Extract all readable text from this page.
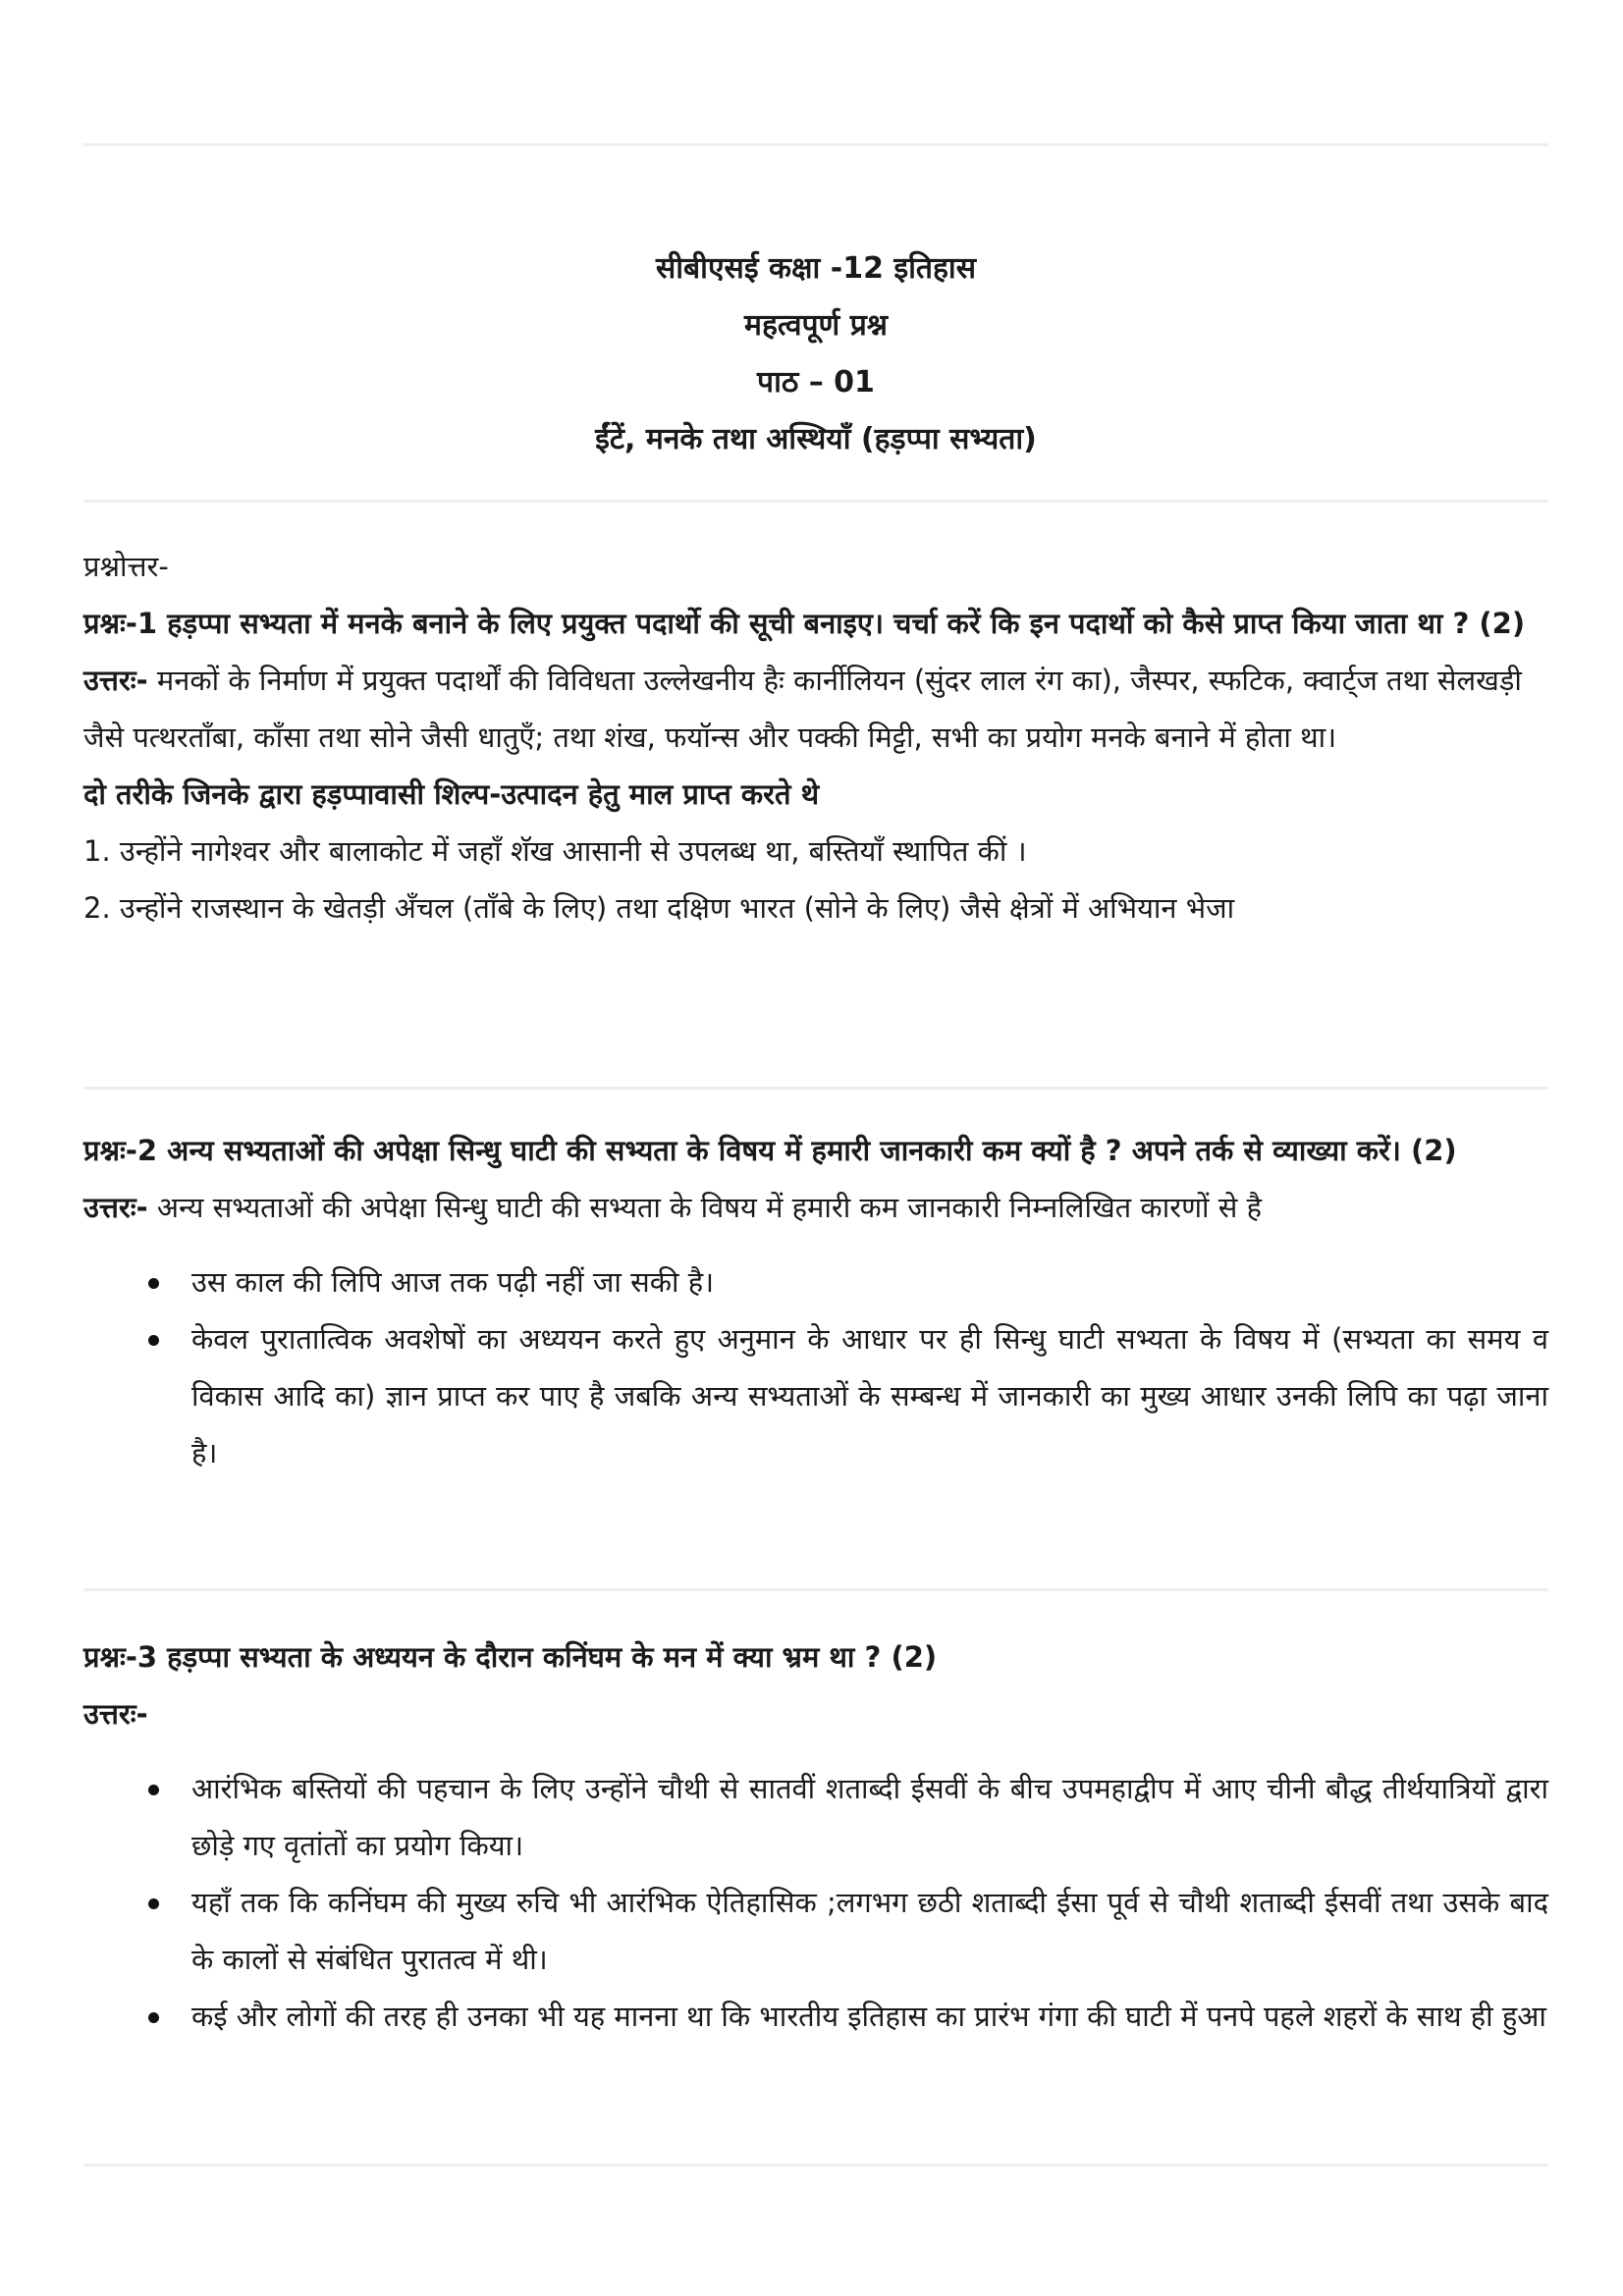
सीबीएसई कक्षा -12 इतिहास
महत्वपूर्ण प्रश्न
पाठ – 01
ईंटें, मनके तथा अस्थियाँ (हड़प्पा सभ्यता)

प्रश्नोत्तर-

प्रश्नः-1 हड़प्पा सभ्यता में मनके बनाने के लिए प्रयुक्त पदार्थो की सूची बनाइए। चर्चा करें कि इन पदार्थो को कैसे प्राप्त किया जाता था ? (2)

उत्तरः- मनकों के निर्माण में प्रयुक्त पदार्थों की विविधता उल्लेखनीय हैः कार्नीलियन (सुंदर लाल रंग का), जैस्पर, स्फटिक, क्वार्ट्ज तथा सेलखड़ी जैसे पत्थरताँबा, काँसा तथा सोने जैसी धातुएँ; तथा शंख, फयॉन्स और पक्की मिट्टी, सभी का प्रयोग मनके बनाने में होता था।

दो तरीके जिनके द्वारा हड़प्पावासी शिल्प-उत्पादन हेतु माल प्राप्त करते थे

1. उन्होंने नागेश्वर और बालाकोट में जहाँ शॅख आसानी से उपलब्ध था, बस्तियाँ स्थापित कीं ।

2. उन्होंने राजस्थान के खेतड़ी अँचल (ताँबे के लिए) तथा दक्षिण भारत (सोने के लिए) जैसे क्षेत्रों में अभियान भेजा

प्रश्नः-2 अन्य सभ्यताओं की अपेक्षा सिन्धु घाटी की सभ्यता के विषय में हमारी जानकारी कम क्यों है ? अपने तर्क से व्याख्या करें। (2)

उत्तरः- अन्य सभ्यताओं की अपेक्षा सिन्धु घाटी की सभ्यता के विषय में हमारी कम जानकारी निम्नलिखित कारणों से है

उस काल की लिपि आज तक पढ़ी नहीं जा सकी है।
केवल पुरातात्विक अवशेषों का अध्ययन करते हुए अनुमान के आधार पर ही सिन्धु घाटी सभ्यता के विषय में (सभ्यता का समय व विकास आदि का) ज्ञान प्राप्त कर पाए है जबकि अन्य सभ्यताओं के सम्बन्ध में जानकारी का मुख्य आधार उनकी लिपि का पढ़ा जाना है।

प्रश्नः-3 हड़प्पा सभ्यता के अध्ययन के दौरान कनिंघम के मन में क्या भ्रम था ? (2)

उत्तरः-

आरंभिक बस्तियों की पहचान के लिए उन्होंने चौथी से सातवीं शताब्दी ईसवीं के बीच उपमहाद्वीप में आए चीनी बौद्ध तीर्थयात्रियों द्वारा छोड़े गए वृतांतों का प्रयोग किया।
यहाँ तक कि कनिंघम की मुख्य रुचि भी आरंभिक ऐतिहासिक ;लगभग छठी शताब्दी ईसा पूर्व से चौथी शताब्दी ईसवीं तथा उसके बाद के कालों से संबंधित पुरातत्व में थी।
कई और लोगों की तरह ही उनका भी यह मानना था कि भारतीय इतिहास का प्रारंभ गंगा की घाटी में पनपे पहले शहरों के साथ ही हुआ
